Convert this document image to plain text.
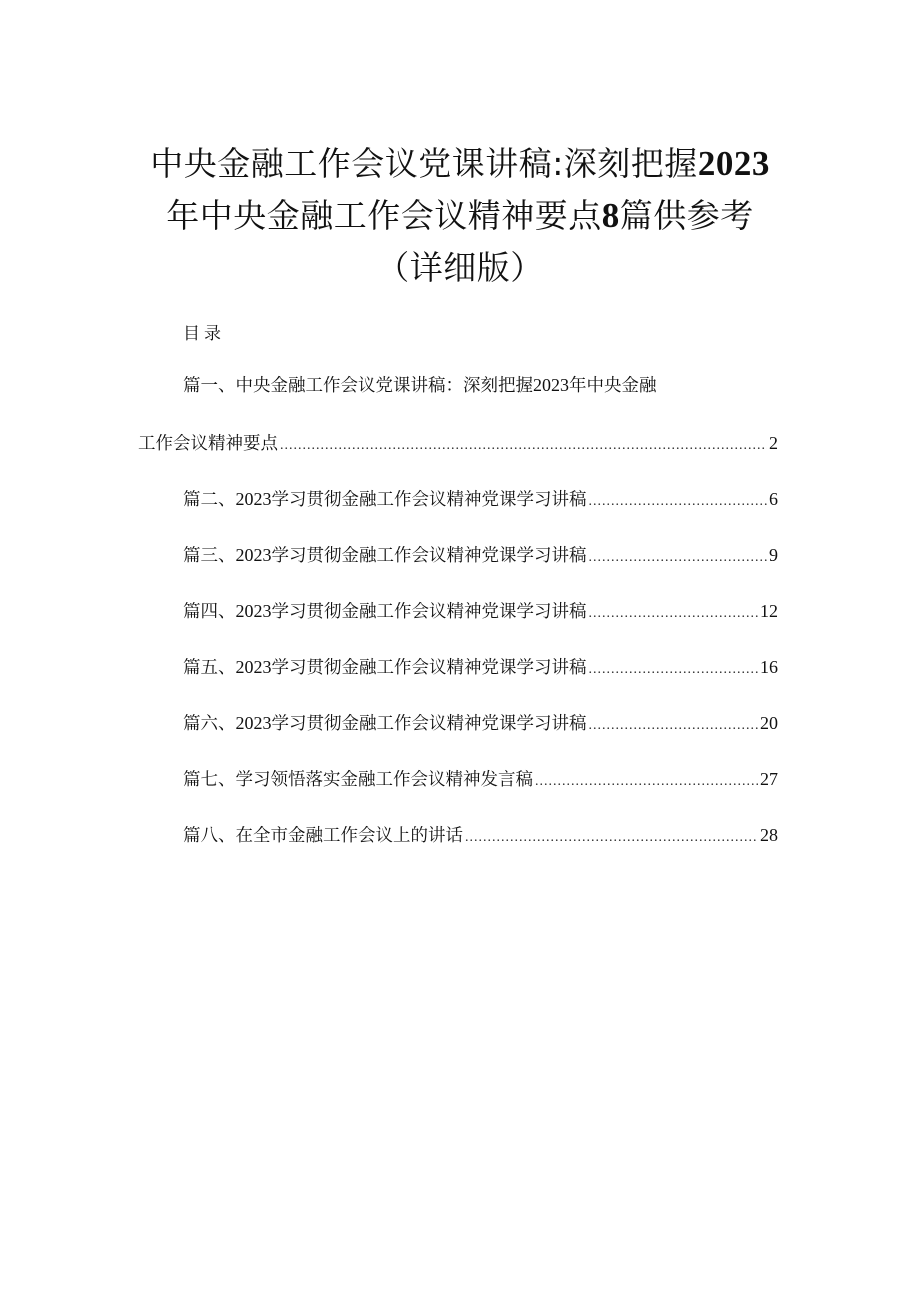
中央金融工作会议党课讲稿:深刻把握2023
年中央金融工作会议精神要点8篇供参考
（详细版）
目录
篇一、中央金融工作会议党课讲稿：深刻把握2023年中央金融
工作会议精神要点 .....	2
篇二、2023学习贯彻金融工作会议精神党课学习讲稿 .....	6
篇三、2023学习贯彻金融工作会议精神党课学习讲稿 .....	9
篇四、2023学习贯彻金融工作会议精神党课学习讲稿 .....	12
篇五、2023学习贯彻金融工作会议精神党课学习讲稿 .....	16
篇六、2023学习贯彻金融工作会议精神党课学习讲稿 .....	20
篇七、学习领悟落实金融工作会议精神发言稿 .....	27
篇八、在全市金融工作会议上的讲话 .....	28
